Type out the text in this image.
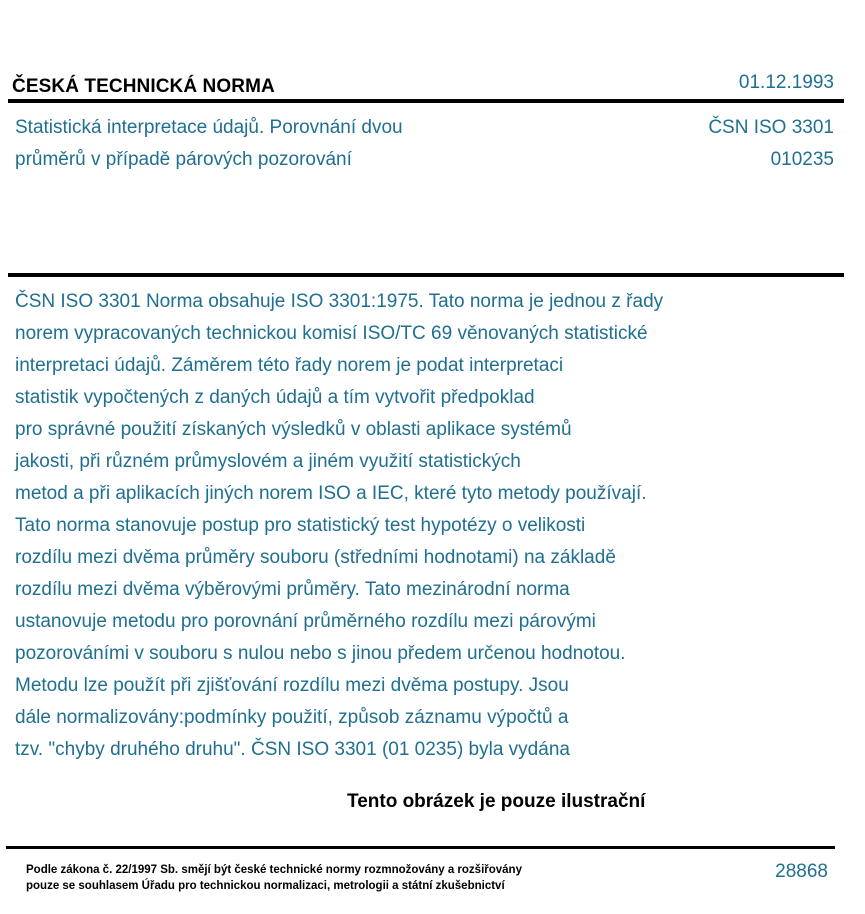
ČESKÁ TECHNICKÁ NORMA	01.12.1993
Statistická interpretace údajů. Porovnání dvou
průměrů v případě párových pozorování
ČSN ISO 3301
010235
ČSN ISO 3301 Norma obsahuje ISO 3301:1975. Tato norma je jednou z řady
norem vypracovaných technickou komisí ISO/TC 69 věnovaných statistické
interpretaci údajů. Záměrem této řady norem je podat interpretaci
statistik vypočtených z daných údajů a tím vytvořit předpoklad
pro správné použití získaných výsledků v oblasti aplikace systémů
jakosti, při různém průmyslovém a jiném využití statistických
metod a při aplikacích jiných norem ISO a IEC, které tyto metody používají.
Tato norma stanovuje postup pro statistický test hypotézy o velikosti
rozdílu mezi dvěma průměry souboru (středními hodnotami) na základě
rozdílu mezi dvěma výběrovými průměry. Tato mezinárodní norma
ustanovuje metodu pro porovnání průměrného rozdílu mezi párovými
pozorováními v souboru s nulou nebo s jinou předem určenou hodnotou.
Metodu lze použít při zjišťování rozdílu mezi dvěma postupy. Jsou
dále normalizovány:podmínky použití, způsob záznamu výpočtů a
tzv. "chyby druhého druhu". ČSN ISO 3301 (01 0235) byla vydána
Tento obrázek je pouze ilustrační
Podle zákona č. 22/1997 Sb. smějí být české technické normy rozmnožovány a rozšiřovány
pouze se souhlasem Úřadu pro technickou normalizaci, metrologii a státní zkušebnictví
28868
